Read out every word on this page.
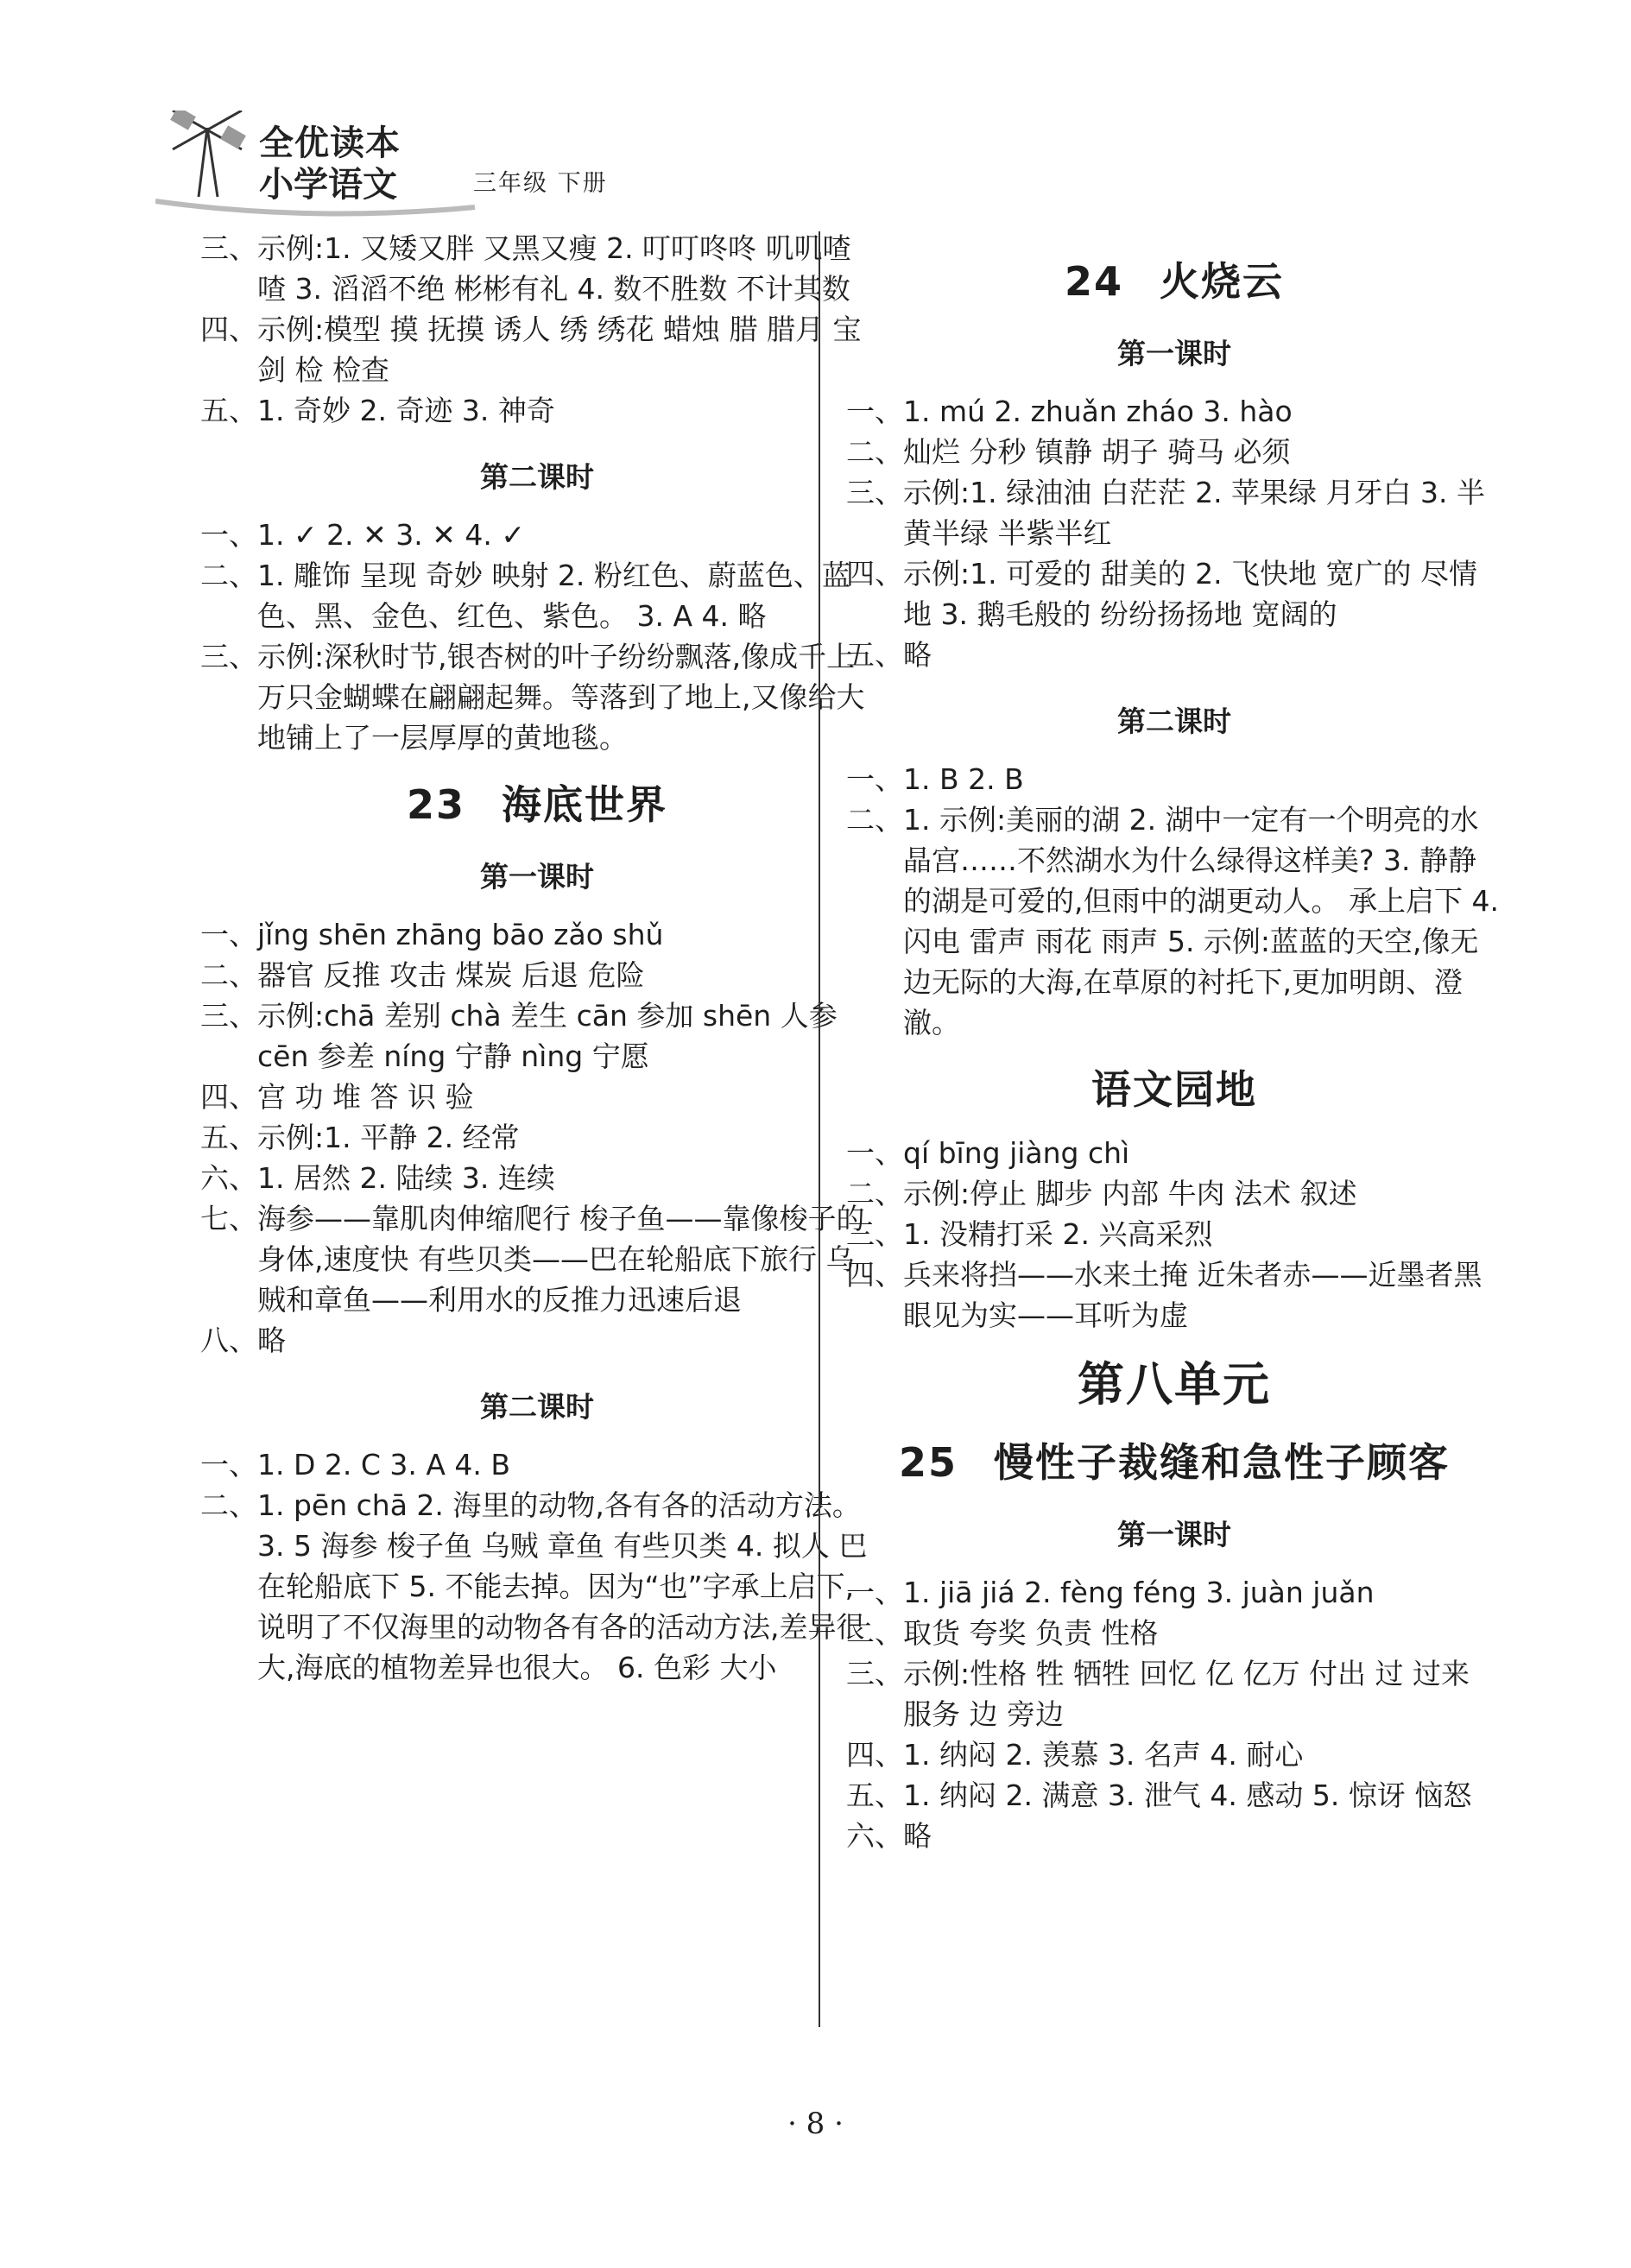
全优读本
小学语文	三年级 下册
三、示例:1. 又矮又胖 又黑又瘦 2. 叮叮咚咚 叽叽喳喳 3. 滔滔不绝 彬彬有礼 4. 数不胜数 不计其数
四、示例:模型 摸 抚摸 诱人 绣 绣花 蜡烛 腊 腊月 宝剑 检 检查
五、1. 奇妙 2. 奇迹 3. 神奇
第二课时
一、1. ✓ 2. ✕ 3. ✕ 4. ✓
二、1. 雕饰 呈现 奇妙 映射 2. 粉红色、蔚蓝色、蓝色、黑、金色、红色、紫色。 3. A 4. 略
三、示例:深秋时节,银杏树的叶子纷纷飘落,像成千上万只金蝴蝶在翩翩起舞。等落到了地上,又像给大地铺上了一层厚厚的黄地毯。
23 海底世界
第一课时
一、jǐng shēn zhāng bāo zǎo shǔ
二、器官 反推 攻击 煤炭 后退 危险
三、示例:chā 差别 chà 差生 cān 参加 shēn 人参 cēn 参差 níng 宁静 nìng 宁愿
四、宫 功 堆 答 识 验
五、示例:1. 平静 2. 经常
六、1. 居然 2. 陆续 3. 连续
七、海参——靠肌肉伸缩爬行 梭子鱼——靠像梭子的身体,速度快 有些贝类——巴在轮船底下旅行 乌贼和章鱼——利用水的反推力迅速后退
八、略
第二课时
一、1. D 2. C 3. A 4. B
二、1. pēn chā 2. 海里的动物,各有各的活动方法。 3. 5 海参 梭子鱼 乌贼 章鱼 有些贝类 4. 拟人 巴在轮船底下 5. 不能去掉。因为“也”字承上启下,说明了不仅海里的动物各有各的活动方法,差异很大,海底的植物差异也很大。 6. 色彩 大小
24 火烧云
第一课时
一、1. mú 2. zhuǎn zháo 3. hào
二、灿烂 分秒 镇静 胡子 骑马 必须
三、示例:1. 绿油油 白茫茫 2. 苹果绿 月牙白 3. 半黄半绿 半紫半红
四、示例:1. 可爱的 甜美的 2. 飞快地 宽广的 尽情地 3. 鹅毛般的 纷纷扬扬地 宽阔的
五、略
第二课时
一、1. B 2. B
二、1. 示例:美丽的湖 2. 湖中一定有一个明亮的水晶宫……不然湖水为什么绿得这样美? 3. 静静的湖是可爱的,但雨中的湖更动人。 承上启下 4. 闪电 雷声 雨花 雨声 5. 示例:蓝蓝的天空,像无边无际的大海,在草原的衬托下,更加明朗、澄澈。
语文园地
一、qí bīng jiàng chì
二、示例:停止 脚步 内部 牛肉 法术 叙述
三、1. 没精打采 2. 兴高采烈
四、兵来将挡——水来土掩 近朱者赤——近墨者黑 眼见为实——耳听为虚
第八单元
25 慢性子裁缝和急性子顾客
第一课时
一、1. jiā jiá 2. fèng féng 3. juàn juǎn
二、取货 夸奖 负责 性格
三、示例:性格 牲 牺牲 回忆 亿 亿万 付出 过 过来 服务 边 旁边
四、1. 纳闷 2. 羡慕 3. 名声 4. 耐心
五、1. 纳闷 2. 满意 3. 泄气 4. 感动 5. 惊讶 恼怒
六、略
· 8 ·
